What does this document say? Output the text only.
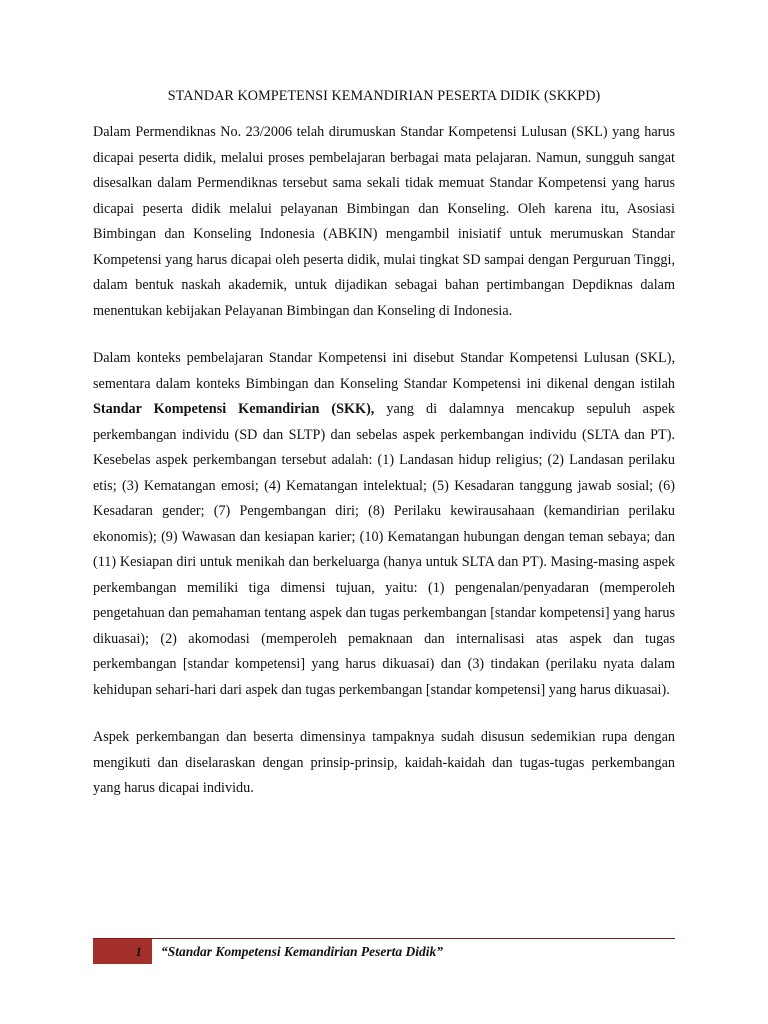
STANDAR KOMPETENSI KEMANDIRIAN PESERTA DIDIK (SKKPD)

Dalam Permendiknas No. 23/2006 telah dirumuskan Standar Kompetensi Lulusan (SKL) yang harus dicapai peserta didik, melalui proses pembelajaran berbagai mata pelajaran. Namun, sungguh sangat disesalkan dalam Permendiknas tersebut sama sekali tidak memuat Standar Kompetensi yang harus dicapai peserta didik melalui pelayanan Bimbingan dan Konseling. Oleh karena itu, Asosiasi Bimbingan dan Konseling Indonesia (ABKIN) mengambil inisiatif untuk merumuskan Standar Kompetensi yang harus dicapai oleh peserta didik, mulai tingkat SD sampai dengan Perguruan Tinggi, dalam bentuk naskah akademik, untuk dijadikan sebagai bahan pertimbangan Depdiknas dalam menentukan kebijakan Pelayanan Bimbingan dan Konseling di Indonesia.

Dalam konteks pembelajaran Standar Kompetensi ini disebut Standar Kompetensi Lulusan (SKL), sementara dalam konteks Bimbingan dan Konseling Standar Kompetensi ini dikenal dengan istilah Standar Kompetensi Kemandirian (SKK), yang di dalamnya mencakup sepuluh aspek perkembangan individu (SD dan SLTP) dan sebelas aspek perkembangan individu (SLTA dan PT). Kesebelas aspek perkembangan tersebut adalah: (1) Landasan hidup religius; (2) Landasan perilaku etis; (3) Kematangan emosi; (4) Kematangan intelektual; (5) Kesadaran tanggung jawab sosial; (6) Kesadaran gender; (7) Pengembangan diri; (8) Perilaku kewirausahaan (kemandirian perilaku ekonomis); (9) Wawasan dan kesiapan karier; (10) Kematangan hubungan dengan teman sebaya; dan (11) Kesiapan diri untuk menikah dan berkeluarga (hanya untuk SLTA dan PT). Masing-masing aspek perkembangan memiliki tiga dimensi tujuan, yaitu: (1) pengenalan/penyadaran (memperoleh pengetahuan dan pemahaman tentang aspek dan tugas perkembangan [standar kompetensi] yang harus dikuasai); (2) akomodasi (memperoleh pemaknaan dan internalisasi atas aspek dan tugas perkembangan [standar kompetensi] yang harus dikuasai) dan (3) tindakan (perilaku nyata dalam kehidupan sehari-hari dari aspek dan tugas perkembangan [standar kompetensi] yang harus dikuasai).

Aspek perkembangan dan beserta dimensinya tampaknya sudah disusun sedemikian rupa dengan mengikuti dan diselaraskan dengan prinsip-prinsip, kaidah-kaidah dan tugas-tugas perkembangan yang harus dicapai individu.

1	“Standar Kompetensi Kemandirian Peserta Didik”
